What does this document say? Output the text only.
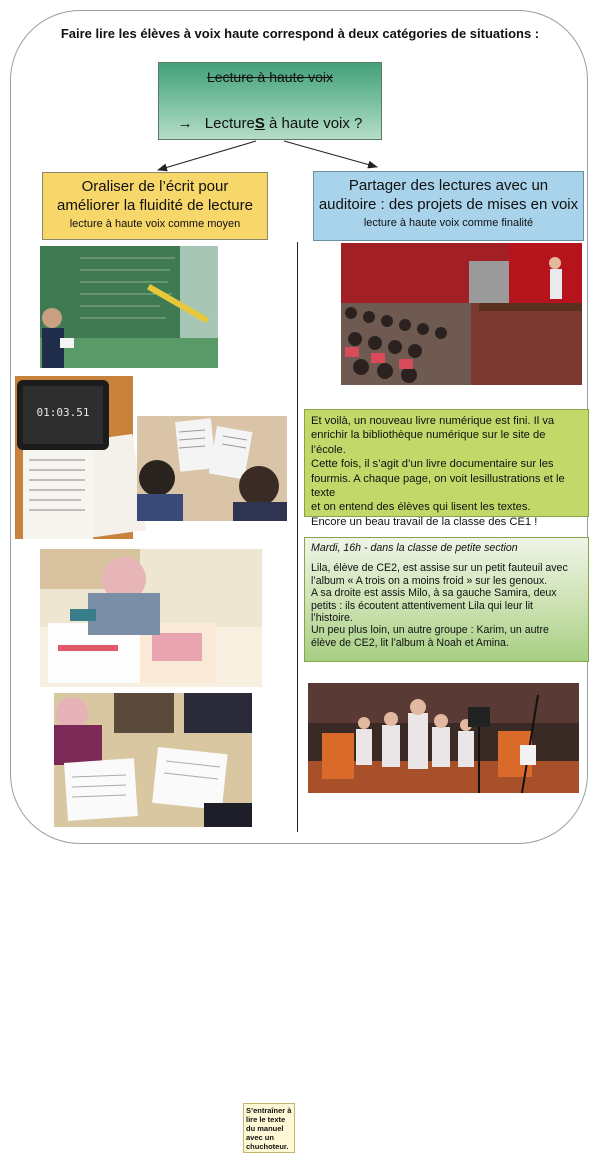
Faire lire les élèves à voix haute correspond à deux catégories de situations :
Lecture à haute voix
→ LectureS à haute voix ?
Oraliser de l’écrit pour
améliorer la fluidité de lecture
lecture à haute voix comme moyen
Partager des lectures avec un
auditoire : des projets de mises en voix
lecture à haute voix comme finalité
01:03.51
S’entraîner à lire le texte du manuel avec un chuchoteur.

Et voilà, un nouveau livre numérique est fini. Il va

enrichir la bibliothèque numérique sur le site de l’école.

Cette fois, il s’agit d’un livre documentaire sur les

fourmis. A chaque page, on voit lesillustrations et le texte

et on entend des élèves qui lisent les textes.

Encore un beau travail de la classe des CE1 !

Mardi, 16h - dans la classe de petite section

Lila, élève de CE2, est assise sur un petit fauteuil avec

l’album « A trois on a moins froid » sur les genoux.

A sa droite est assis Milo, à sa gauche Samira, deux

petits : ils écoutent attentivement Lila qui leur lit

l’histoire.

Un peu plus loin, un autre groupe : Karim, un autre

élève de CE2, lit l’album à Noah et Amina.
